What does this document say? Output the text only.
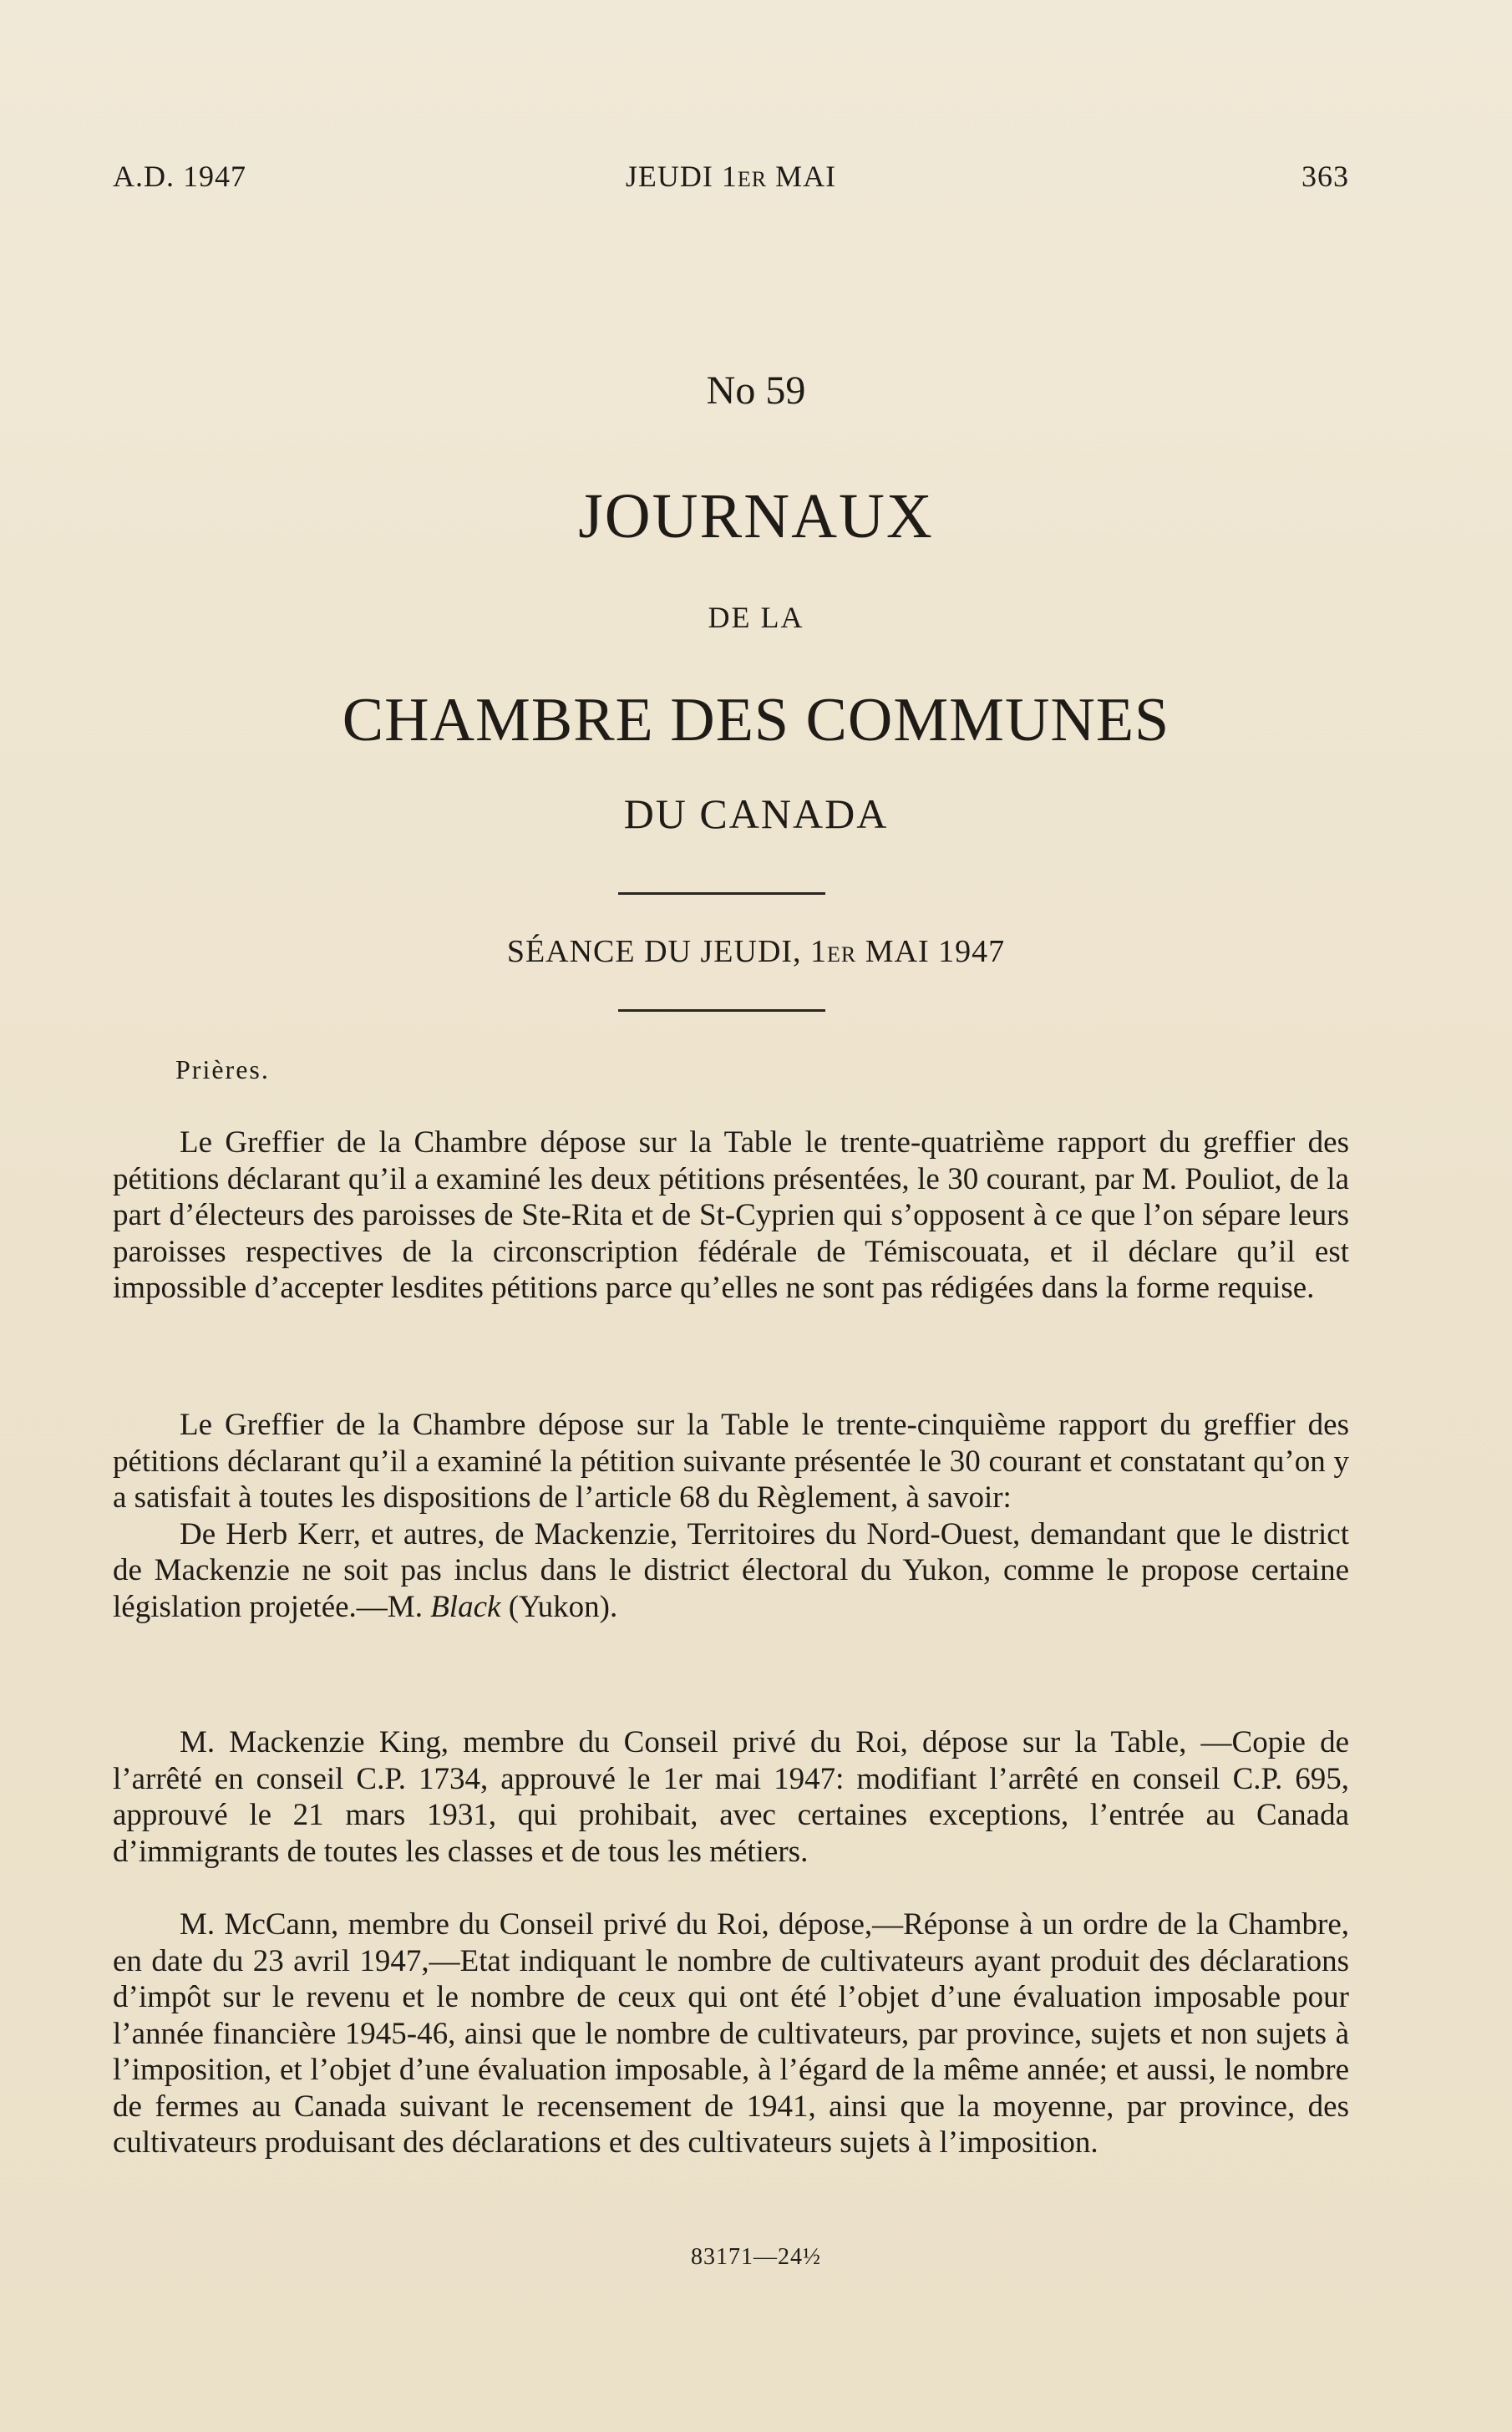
A.D. 1947	JEUDI 1ER MAI	363
No 59
JOURNAUX
DE LA
CHAMBRE DES COMMUNES
DU CANADA
SÉANCE DU JEUDI, 1ER MAI 1947
Prières.

Le Greffier de la Chambre dépose sur la Table le trente-quatrième rapport du greffier des pétitions déclarant qu’il a examiné les deux pétitions présentées, le 30 courant, par M. Pouliot, de la part d’électeurs des paroisses de Ste-Rita et de St-Cyprien qui s’opposent à ce que l’on sépare leurs paroisses respectives de la circonscription fédérale de Témiscouata, et il déclare qu’il est impossible d’accepter lesdites pétitions parce qu’elles ne sont pas rédigées dans la forme requise.

Le Greffier de la Chambre dépose sur la Table le trente-cinquième rapport du greffier des pétitions déclarant qu’il a examiné la pétition suivante présentée le 30 courant et constatant qu’on y a satisfait à toutes les dispositions de l’article 68 du Règlement, à savoir:

De Herb Kerr, et autres, de Mackenzie, Territoires du Nord-Ouest, demandant que le district de Mackenzie ne soit pas inclus dans le district électoral du Yukon, comme le propose certaine législation projetée.—M. Black (Yukon).

M. Mackenzie King, membre du Conseil privé du Roi, dépose sur la Table, —Copie de l’arrêté en conseil C.P. 1734, approuvé le 1er mai 1947: modifiant l’arrêté en conseil C.P. 695, approuvé le 21 mars 1931, qui prohibait, avec certaines exceptions, l’entrée au Canada d’immigrants de toutes les classes et de tous les métiers.

M. McCann, membre du Conseil privé du Roi, dépose,—Réponse à un ordre de la Chambre, en date du 23 avril 1947,—Etat indiquant le nombre de cultivateurs ayant produit des déclarations d’impôt sur le revenu et le nombre de ceux qui ont été l’objet d’une évaluation imposable pour l’année financière 1945-46, ainsi que le nombre de cultivateurs, par province, sujets et non sujets à l’imposition, et l’objet d’une évaluation imposable, à l’égard de la même année; et aussi, le nombre de fermes au Canada suivant le recensement de 1941, ainsi que la moyenne, par province, des cultivateurs produisant des déclarations et des cultivateurs sujets à l’imposition.

83171—24½
